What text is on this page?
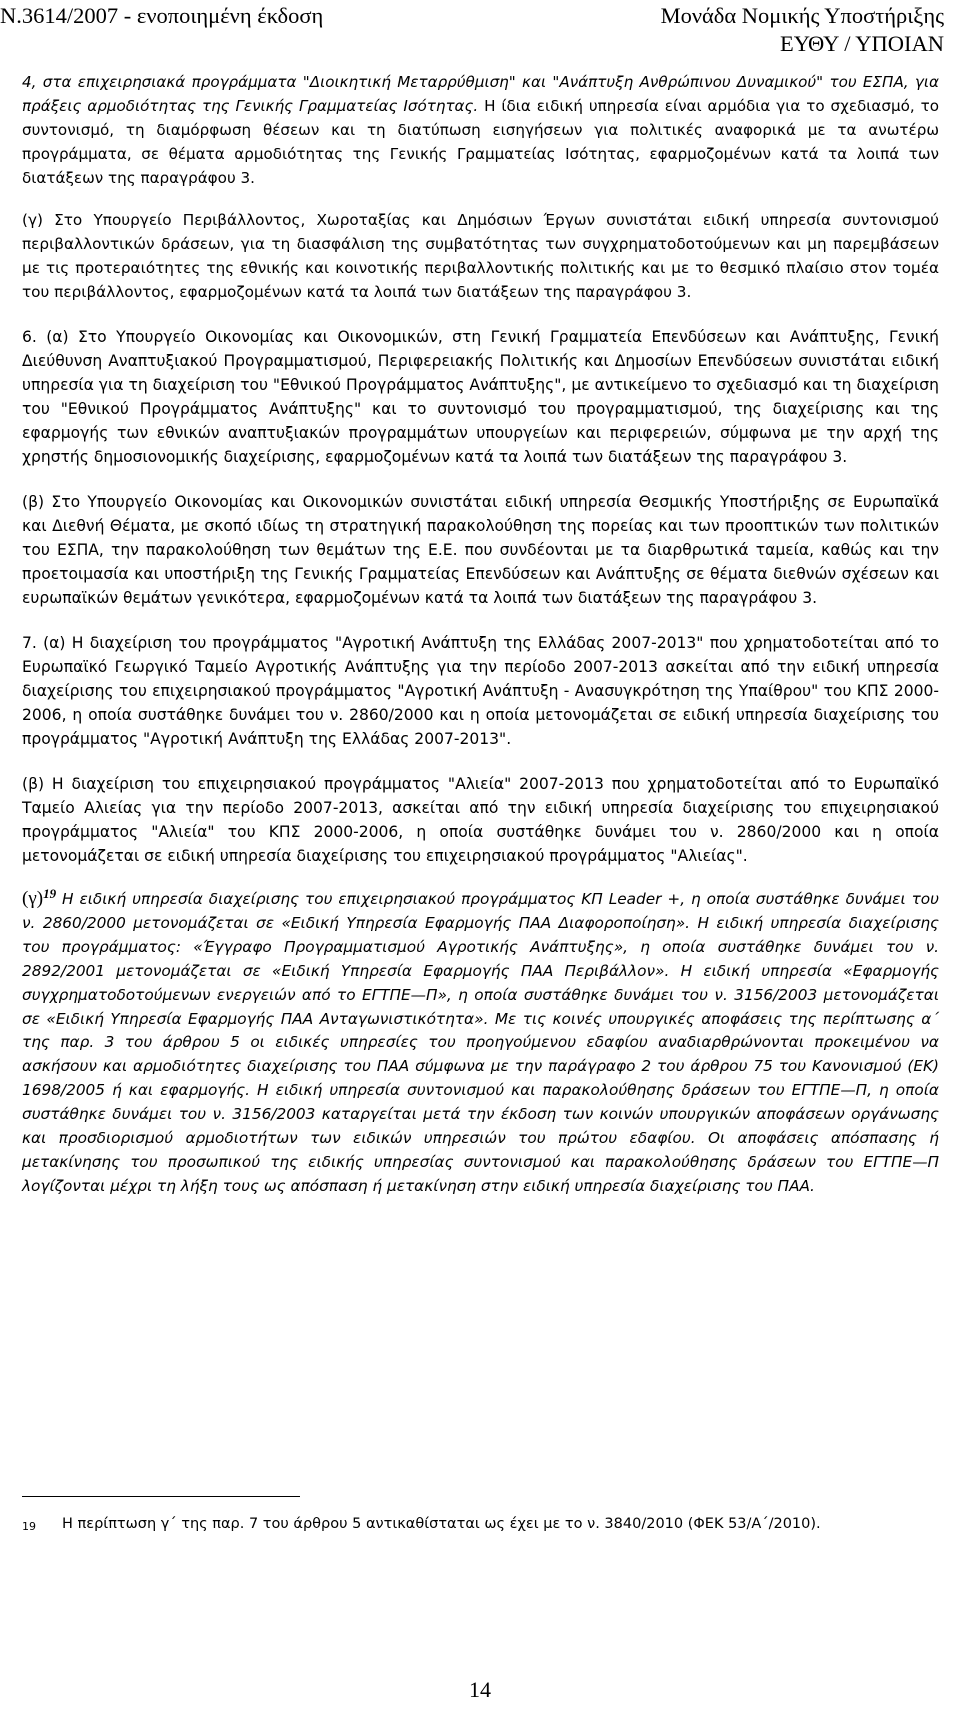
Ν.3614/2007 - ενοποιημένη έκδοση	Μονάδα Νομικής Υποστήριξης
ΕΥΘΥ / ΥΠΟΙΑΝ

4, στα επιχειρησιακά προγράμματα "Διοικητική Μεταρρύθμιση" και "Ανάπτυξη Ανθρώπινου Δυναμικού" του ΕΣΠΑ, για πράξεις αρμοδιότητας της Γενικής Γραμματείας Ισότητας. Η ίδια ειδική υπηρεσία είναι αρμόδια για το σχεδιασμό, το συντονισμό, τη διαμόρφωση θέσεων και τη διατύπωση εισηγήσεων για πολιτικές αναφορικά με τα ανωτέρω προγράμματα, σε θέματα αρμοδιότητας της Γενικής Γραμματείας Ισότητας, εφαρμοζομένων κατά τα λοιπά των διατάξεων της παραγράφου 3.

(γ) Στο Υπουργείο Περιβάλλοντος, Χωροταξίας και Δημόσιων Έργων συνιστάται ειδική υπηρεσία συντονισμού περιβαλλοντικών δράσεων, για τη διασφάλιση της συμβατότητας των συγχρηματοδοτούμενων και μη παρεμβάσεων με τις προτεραιότητες της εθνικής και κοινοτικής περιβαλλοντικής πολιτικής και με το θεσμικό πλαίσιο στον τομέα του περιβάλλοντος, εφαρμοζομένων κατά τα λοιπά των διατάξεων της παραγράφου 3.

6. (α) Στο Υπουργείο Οικονομίας και Οικονομικών, στη Γενική Γραμματεία Επενδύσεων και Ανάπτυξης, Γενική Διεύθυνση Αναπτυξιακού Προγραμματισμού, Περιφερειακής Πολιτικής και Δημοσίων Επενδύσεων συνιστάται ειδική υπηρεσία για τη διαχείριση του "Εθνικού Προγράμματος Ανάπτυξης", με αντικείμενο το σχεδιασμό και τη διαχείριση του "Εθνικού Προγράμματος Ανάπτυξης" και το συντονισμό του προγραμματισμού, της διαχείρισης και της εφαρμογής των εθνικών αναπτυξιακών προγραμμάτων υπουργείων και περιφερειών, σύμφωνα με την αρχή της χρηστής δημοσιονομικής διαχείρισης, εφαρμοζομένων κατά τα λοιπά των διατάξεων της παραγράφου 3.

(β) Στο Υπουργείο Οικονομίας και Οικονομικών συνιστάται ειδική υπηρεσία Θεσμικής Υποστήριξης σε Ευρωπαϊκά και Διεθνή Θέματα, με σκοπό ιδίως τη στρατηγική παρακολούθηση της πορείας και των προοπτικών των πολιτικών του ΕΣΠΑ, την παρακολούθηση των θεμάτων της Ε.Ε. που συνδέονται με τα διαρθρωτικά ταμεία, καθώς και την προετοιμασία και υποστήριξη της Γενικής Γραμματείας Επενδύσεων και Ανάπτυξης σε θέματα διεθνών σχέσεων και ευρωπαϊκών θεμάτων γενικότερα, εφαρμοζομένων κατά τα λοιπά των διατάξεων της παραγράφου 3.

7. (α) Η διαχείριση του προγράμματος "Αγροτική Ανάπτυξη της Ελλάδας 2007-2013" που χρηματοδοτείται από το Ευρωπαϊκό Γεωργικό Ταμείο Αγροτικής Ανάπτυξης για την περίοδο 2007-2013 ασκείται από την ειδική υπηρεσία διαχείρισης του επιχειρησιακού προγράμματος "Αγροτική Ανάπτυξη - Ανασυγκρότηση της Υπαίθρου" του ΚΠΣ 2000-2006, η οποία συστάθηκε δυνάμει του ν. 2860/2000 και η οποία μετονομάζεται σε ειδική υπηρεσία διαχείρισης του προγράμματος "Αγροτική Ανάπτυξη της Ελλάδας 2007-2013".

(β) Η διαχείριση του επιχειρησιακού προγράμματος "Αλιεία" 2007-2013 που χρηματοδοτείται από το Ευρωπαϊκό Ταμείο Αλιείας για την περίοδο 2007-2013, ασκείται από την ειδική υπηρεσία διαχείρισης του επιχειρησιακού προγράμματος "Αλιεία" του ΚΠΣ 2000-2006, η οποία συστάθηκε δυνάμει του ν. 2860/2000 και η οποία μετονομάζεται σε ειδική υπηρεσία διαχείρισης του επιχειρησιακού προγράμματος "Αλιείας".

$(\gamma)^{19}$ Η ειδική υπηρεσία διαχείρισης του επιχειρησιακού προγράμματος ΚΠ Leader +, η οποία συστάθηκε δυνάμει του ν. 2860/2000 μετονομάζεται σε «Ειδική Υπηρεσία Εφαρμογής ΠΑΑ Διαφοροποίηση». Η ειδική υπηρεσία διαχείρισης του προγράμματος: «Έγγραφο Προγραμματισμού Αγροτικής Ανάπτυξης», η οποία συστάθηκε δυνάμει του ν. 2892/2001 μετονομάζεται σε «Ειδική Υπηρεσία Εφαρμογής ΠΑΑ Περιβάλλον». Η ειδική υπηρεσία «Εφαρμογής συγχρηματοδοτούμενων ενεργειών από το ΕΓΤΠΕ—Π», η οποία συστάθηκε δυνάμει του ν. 3156/2003 μετονομάζεται σε «Ειδική Υπηρεσία Εφαρμογής ΠΑΑ Ανταγωνιστικότητα». Με τις κοινές υπουργικές αποφάσεις της περίπτωσης α΄ της παρ. 3 του άρθρου 5 οι ειδικές υπηρεσίες του προηγούμενου εδαφίου αναδιαρθρώνονται προκειμένου να ασκήσουν και αρμοδιότητες διαχείρισης του ΠΑΑ σύμφωνα με την παράγραφο 2 του άρθρου 75 του Κανονισμού (ΕΚ) 1698/2005 ή και εφαρμογής. Η ειδική υπηρεσία συντονισμού και παρακολούθησης δράσεων του ΕΓΤΠΕ—Π, η οποία συστάθηκε δυνάμει του ν. 3156/2003 καταργείται μετά την έκδοση των κοινών υπουργικών αποφάσεων οργάνωσης και προσδιορισμού αρμοδιοτήτων των ειδικών υπηρεσιών του πρώτου εδαφίου. Οι αποφάσεις απόσπασης ή μετακίνησης του προσωπικού της ειδικής υπηρεσίας συντονισμού και παρακολούθησης δράσεων του ΕΓΤΠΕ—Π λογίζονται μέχρι τη λήξη τους ως απόσπαση ή μετακίνηση στην ειδική υπηρεσία διαχείρισης του ΠΑΑ.

19	Η περίπτωση γ΄ της παρ. 7 του άρθρου 5 αντικαθίσταται ως έχει με το ν. 3840/2010 (ΦΕΚ 53/Α΄/2010).
14
